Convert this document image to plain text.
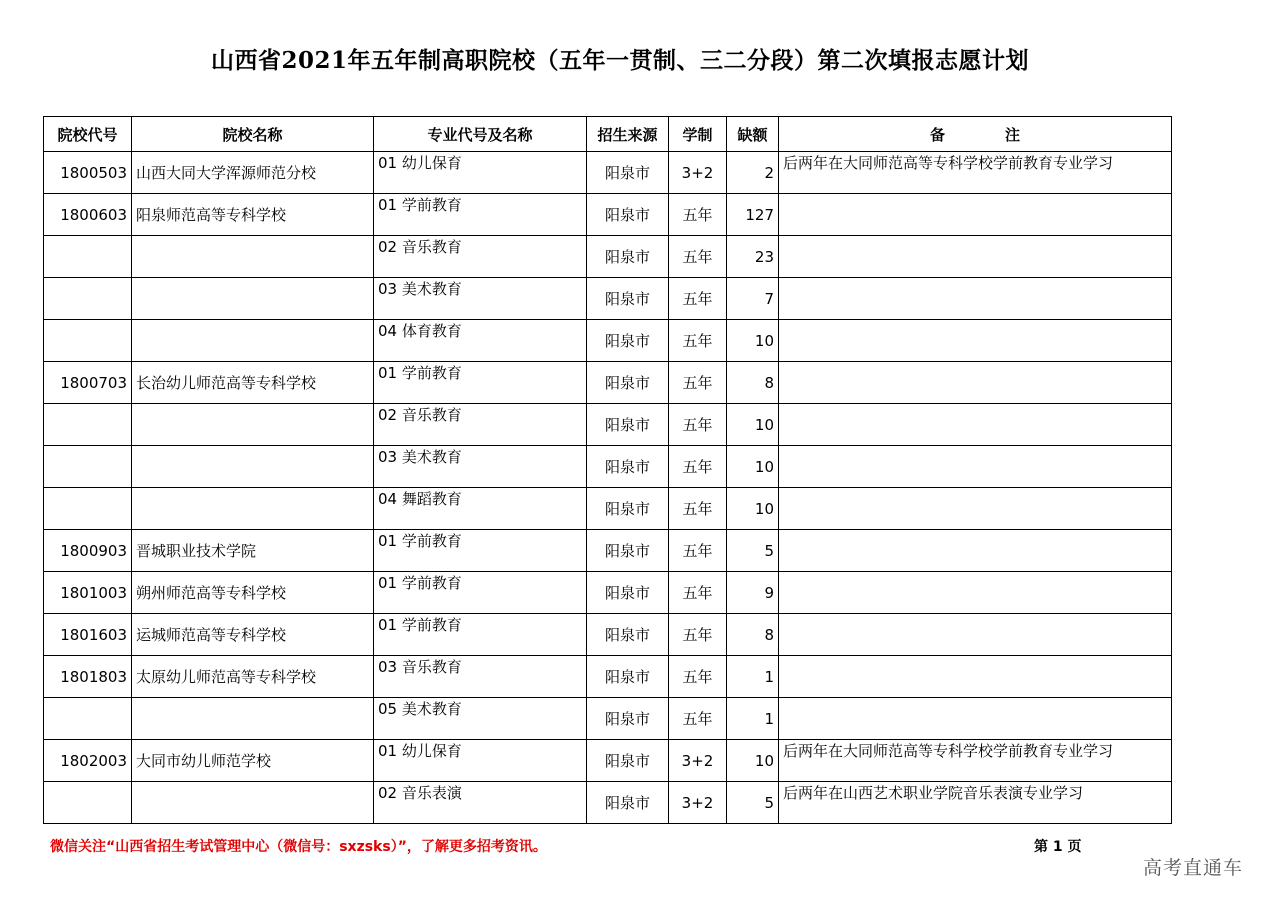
山西省2021年五年制高职院校（五年一贯制、三二分段）第二次填报志愿计划
院校代号	院校名称	专业代号及名称	招生来源	学制	缺额	备 注
1800503	山西大同大学浑源师范分校	01 幼儿保育	阳泉市	3+2	2	后两年在大同师范高等专科学校学前教育专业学习
1800603	阳泉师范高等专科学校	01 学前教育	阳泉市	五年	127	
		02 音乐教育	阳泉市	五年	23	
		03 美术教育	阳泉市	五年	7	
		04 体育教育	阳泉市	五年	10	
1800703	长治幼儿师范高等专科学校	01 学前教育	阳泉市	五年	8	
		02 音乐教育	阳泉市	五年	10	
		03 美术教育	阳泉市	五年	10	
		04 舞蹈教育	阳泉市	五年	10	
1800903	晋城职业技术学院	01 学前教育	阳泉市	五年	5	
1801003	朔州师范高等专科学校	01 学前教育	阳泉市	五年	9	
1801603	运城师范高等专科学校	01 学前教育	阳泉市	五年	8	
1801803	太原幼儿师范高等专科学校	03 音乐教育	阳泉市	五年	1	
		05 美术教育	阳泉市	五年	1	
1802003	大同市幼儿师范学校	01 幼儿保育	阳泉市	3+2	10	后两年在大同师范高等专科学校学前教育专业学习
		02 音乐表演	阳泉市	3+2	5	后两年在山西艺术职业学院音乐表演专业学习
微信关注“山西省招生考试管理中心（微信号：sxzsks）”，了解更多招考资讯。	第 1 页
高考直通车
